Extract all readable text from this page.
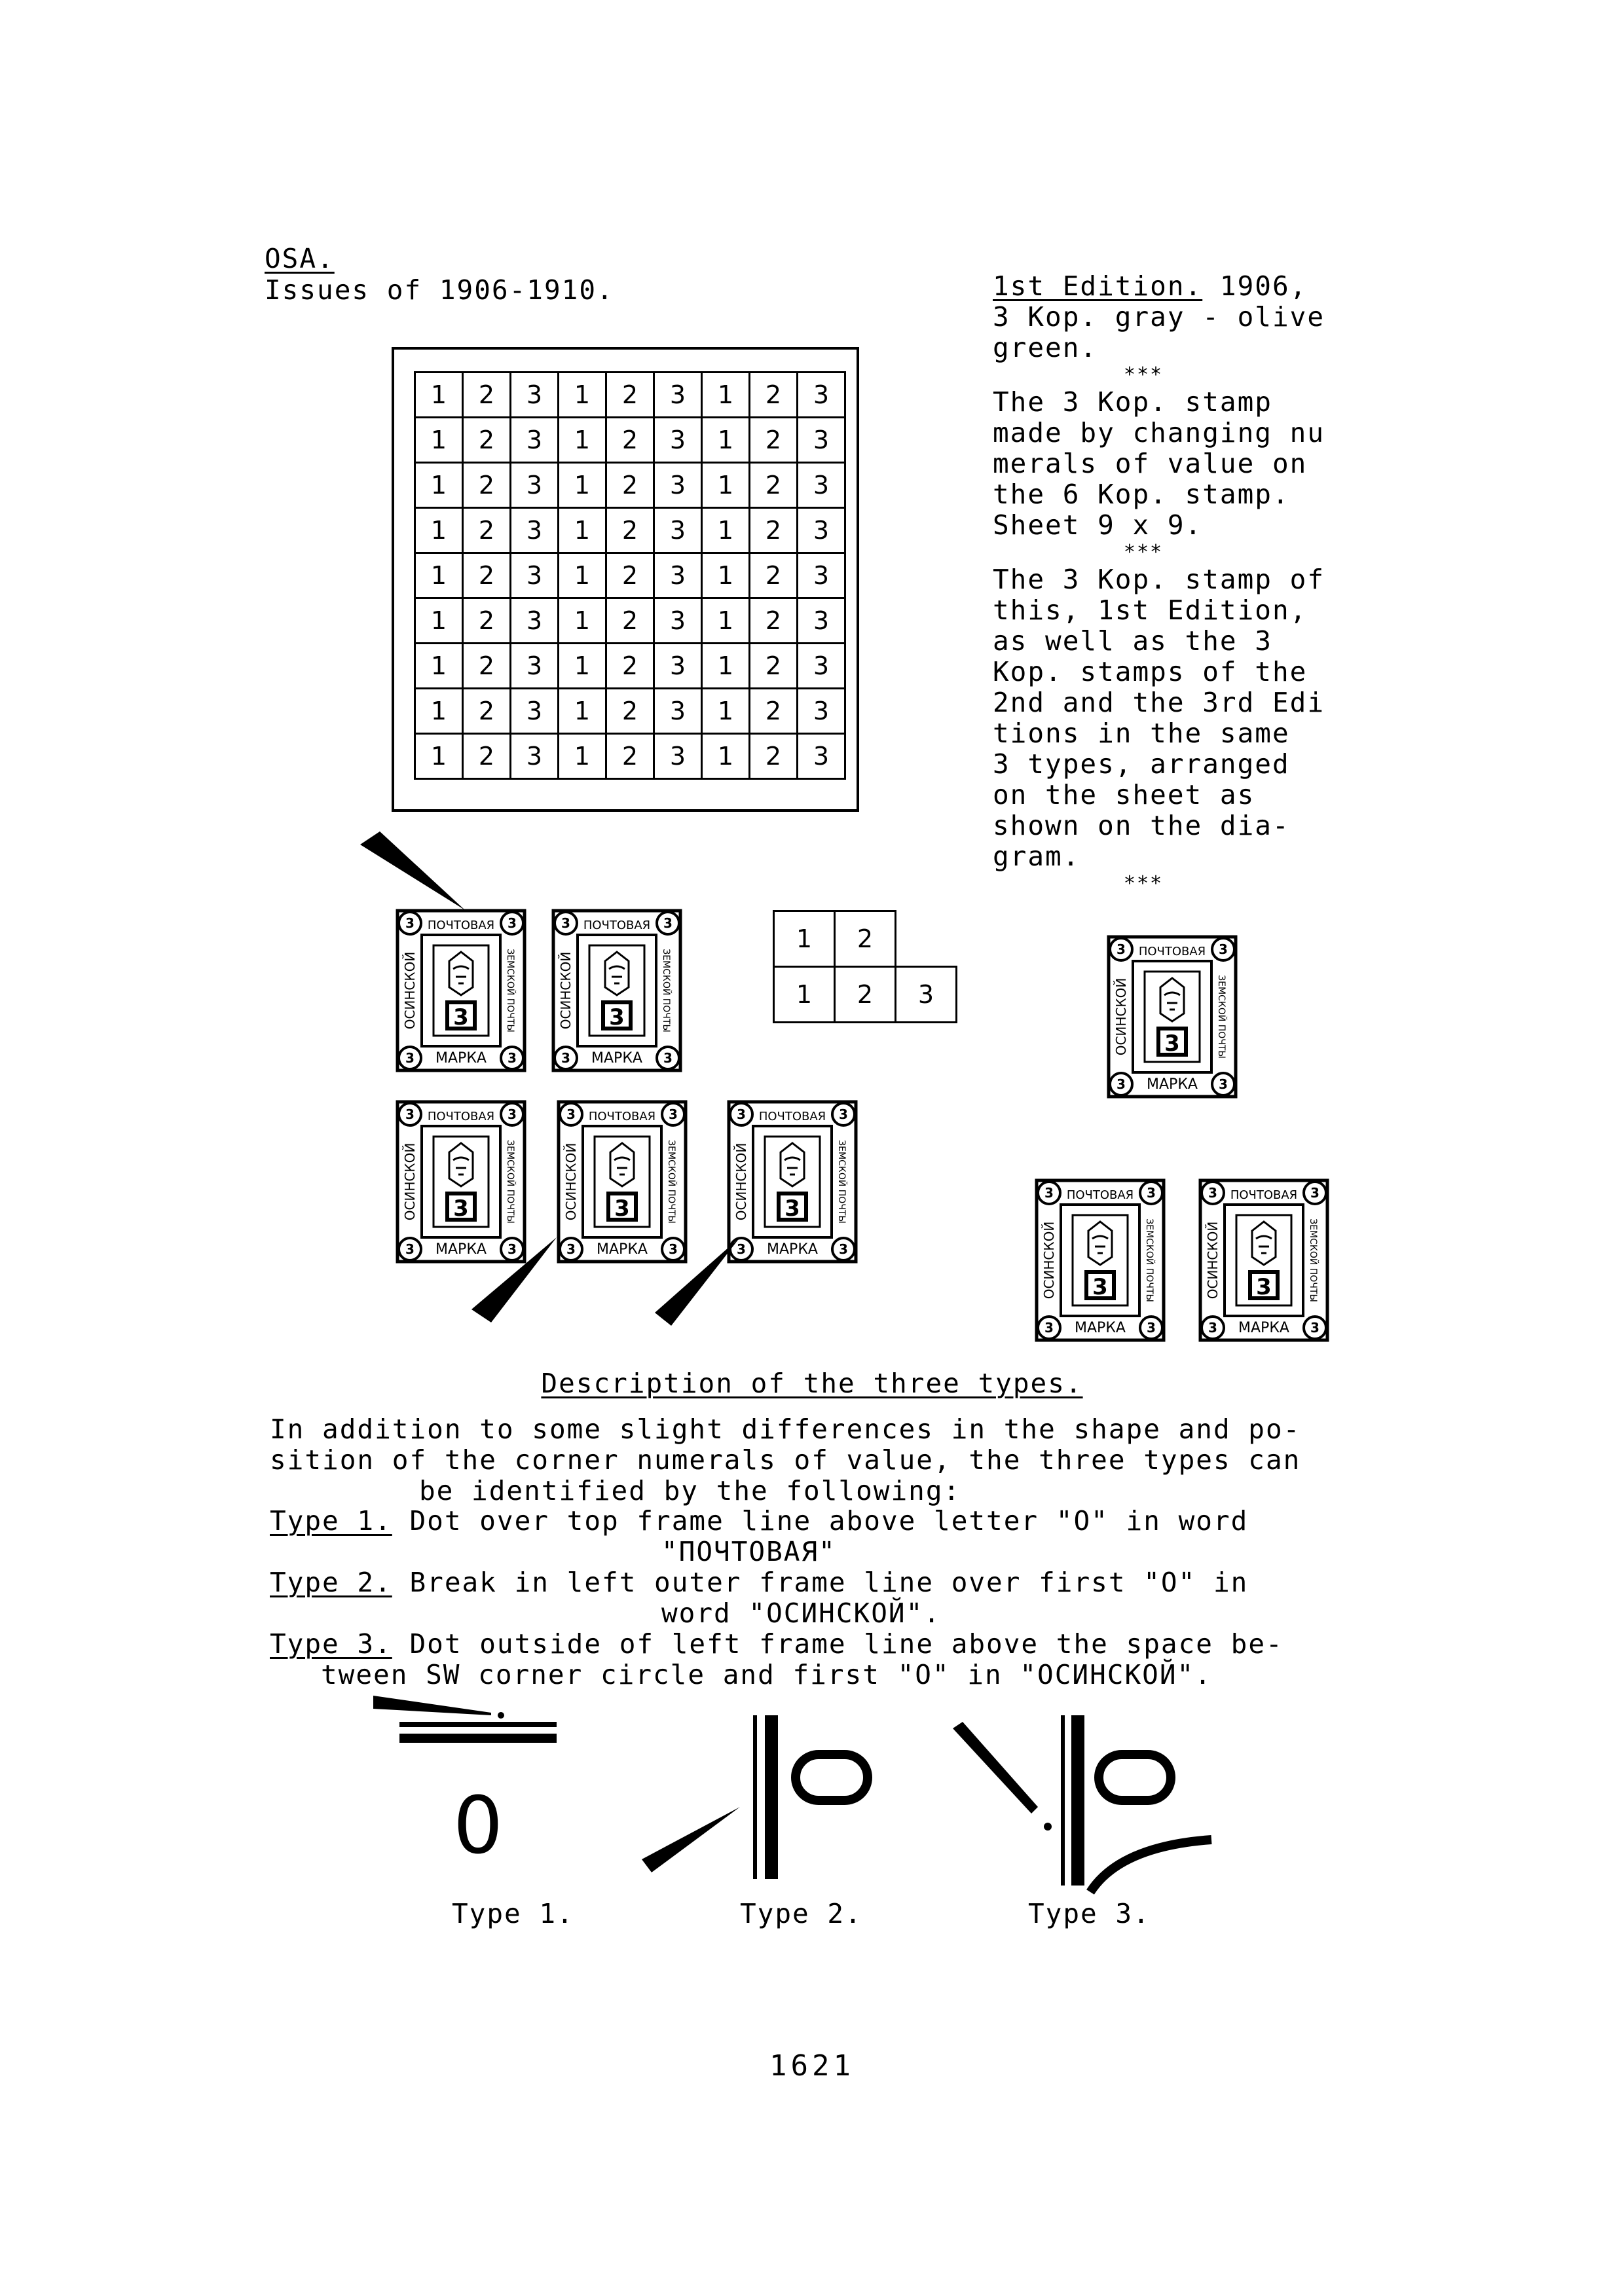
OSA.
Issues of 1906-1910.
1	2	3	1	2	3	1	2	3
1	2	3	1	2	3	1	2	3
1	2	3	1	2	3	1	2	3
1	2	3	1	2	3	1	2	3
1	2	3	1	2	3	1	2	3
1	2	3	1	2	3	1	2	3
1	2	3	1	2	3	1	2	3
1	2	3	1	2	3	1	2	3
1	2	3	1	2	3	1	2	3
1st Edition. 1906,
3 Kop. gray - olive
green.
***
The 3 Kop. stamp
made by changing nu
merals of value on
the 6 Kop. stamp.
Sheet 9 x 9.
***
The 3 Kop. stamp of
this, 1st Edition,
as well as the 3
Kop. stamps of the
2nd and the 3rd Edi
tions in the same
3 types, arranged
on the sheet as
shown on the dia-
gram.
***
1	2
1	2	3
ПОЧТОВАЯ
МАРКА
ОСИНСКОЙ	ЗЕМСКОЙ ПОЧТЫ
3
3	3
3	3
ПОЧТОВАЯ
МАРКА
ОСИНСКОЙ	ЗЕМСКОЙ ПОЧТЫ
3
3	3
3	3
ПОЧТОВАЯ
МАРКА
ОСИНСКОЙ	ЗЕМСКОЙ ПОЧТЫ
3
3	3
3	3
ПОЧТОВАЯ
МАРКА
ОСИНСКОЙ	ЗЕМСКОЙ ПОЧТЫ
3
3	3
3	3
ПОЧТОВАЯ
МАРКА
ОСИНСКОЙ	ЗЕМСКОЙ ПОЧТЫ
3
3	3
3	3
ПОЧТОВАЯ
МАРКА
ОСИНСКОЙ	ЗЕМСКОЙ ПОЧТЫ
3
3	3
3	3
ПОЧТОВАЯ
МАРКА
ОСИНСКОЙ	ЗЕМСКОЙ ПОЧТЫ
3
3	3
3	3
ПОЧТОВАЯ
МАРКА
ОСИНСКОЙ	ЗЕМСКОЙ ПОЧТЫ
3
3	3
3	3
Description of the three types.
In addition to some slight differences in the shape and po-
sition of the corner numerals of value, the three types can
be identified by the following:
Type 1. Dot over top frame line above letter "O" in word
"ПОЧТОВАЯ"
Type 2. Break in left outer frame line over first "O" in
word "ОСИНСКОЙ".
Type 3. Dot outside of left frame line above the space be-
tween SW corner circle and first "O" in "ОСИНСКОЙ".
0
Type 1.	Type 2.	Type 3.
1621
